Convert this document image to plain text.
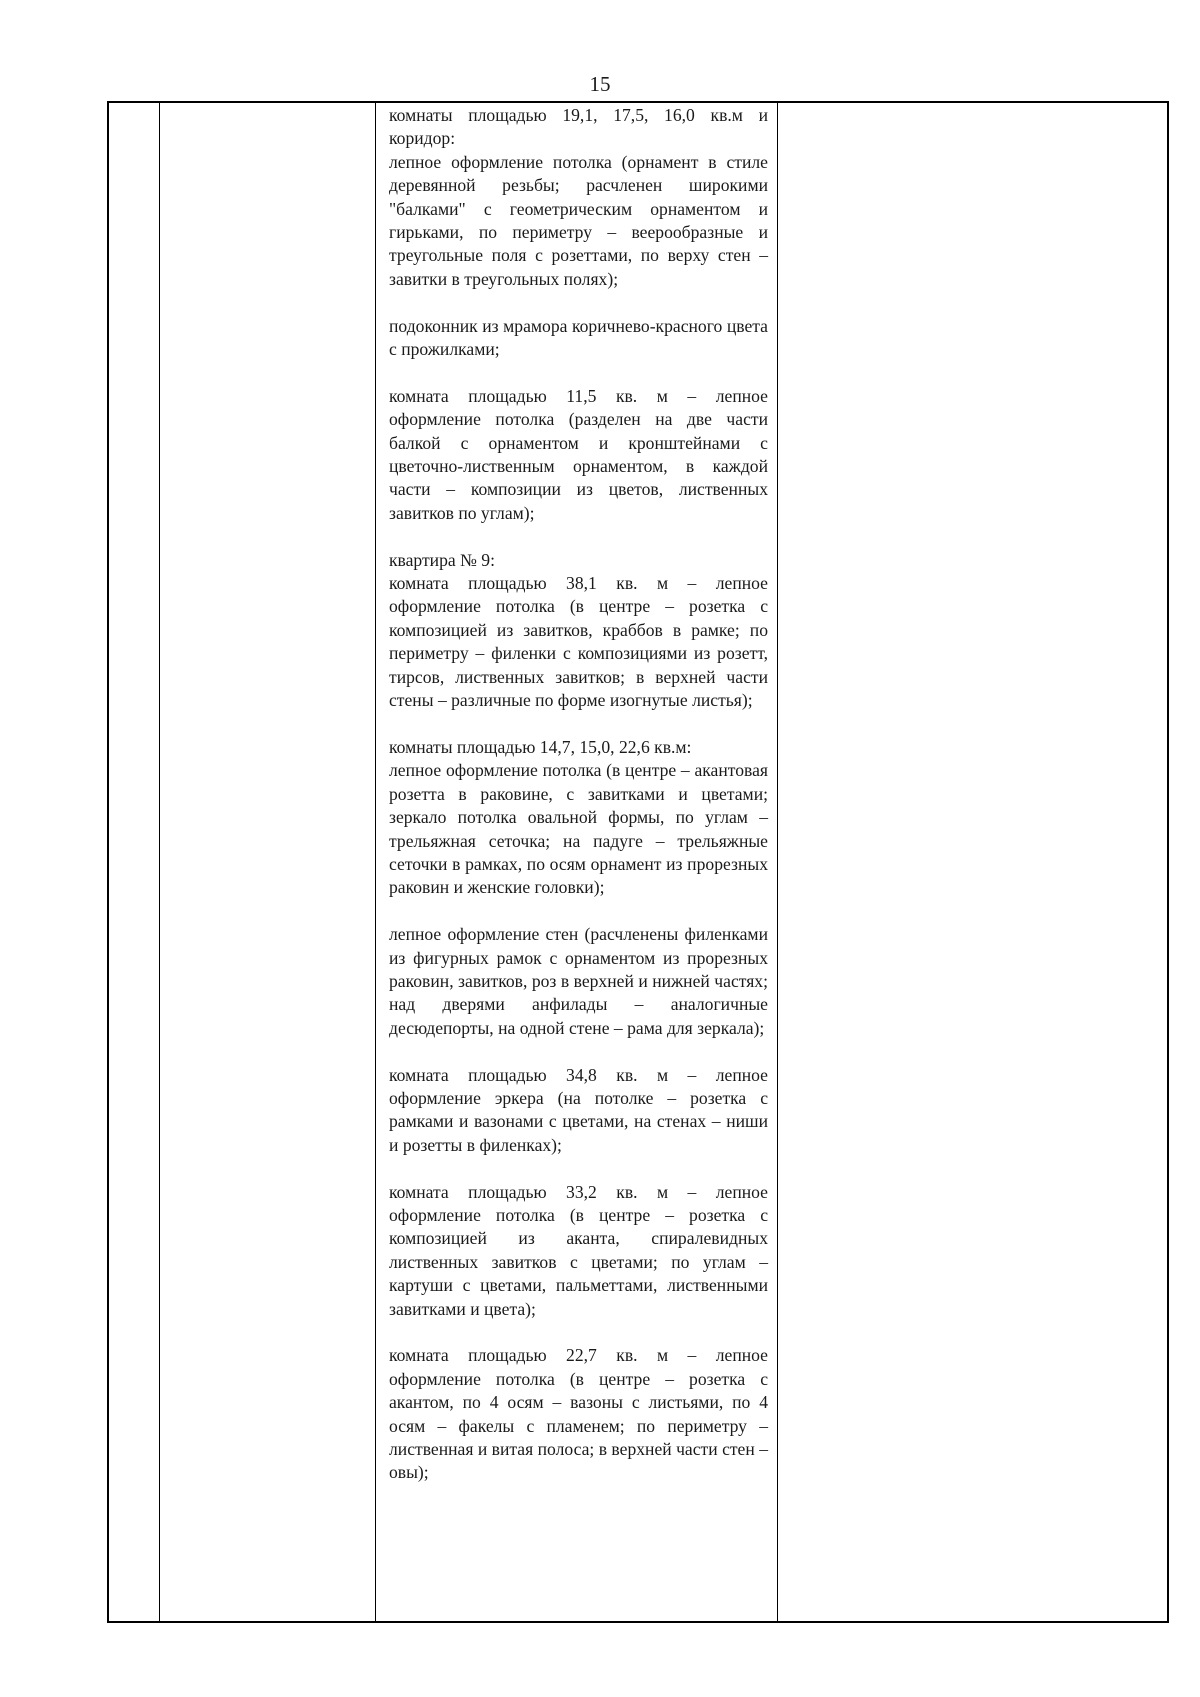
15
комнаты площадью 19,1, 17,5, 16,0 кв.м и коридор:
лепное оформление потолка (орнамент в стиле деревянной резьбы; расчленен широкими "балками" с геометрическим орнаментом и гирьками, по периметру – веерообразные и треугольные поля с розеттами, по верху стен – завитки в треугольных полях);
подоконник из мрамора коричнево-красного цвета с прожилками;
комната площадью 11,5 кв. м – лепное оформление потолка (разделен на две части балкой с орнаментом и кронштейнами с цветочно-лиственным орнаментом, в каждой части – композиции из цветов, лиственных завитков по углам);
квартира № 9:
комната площадью 38,1 кв. м – лепное оформление потолка (в центре – розетка с композицией из завитков, краббов в рамке; по периметру – филенки с композициями из розетт, тирсов, лиственных завитков; в верхней части стены – различные по форме изогнутые листья);
комнаты площадью 14,7, 15,0, 22,6 кв.м:
лепное оформление потолка (в центре – акантовая розетта в раковине, с завитками и цветами; зеркало потолка овальной формы, по углам – трельяжная сеточка; на падуге – трельяжные сеточки в рамках, по осям орнамент из прорезных раковин и женские головки);
лепное оформление стен (расчленены филенками из фигурных рамок с орнаментом из прорезных раковин, завитков, роз в верхней и нижней частях; над дверями анфилады – аналогичные десюдепорты, на одной стене – рама для зеркала);
комната площадью 34,8 кв. м – лепное оформление эркера (на потолке – розетка с рамками и вазонами с цветами, на стенах – ниши и розетты в филенках);
комната площадью 33,2 кв. м – лепное оформление потолка (в центре – розетка с композицией из аканта, спиралевидных лиственных завитков с цветами; по углам – картуши с цветами, пальметтами, лиственными завитками и цвета);
комната площадью 22,7 кв. м – лепное оформление потолка (в центре – розетка с акантом, по 4 осям – вазоны с листьями, по 4 осям – факелы с пламенем; по периметру – лиственная и витая полоса; в верхней части стен – овы);
